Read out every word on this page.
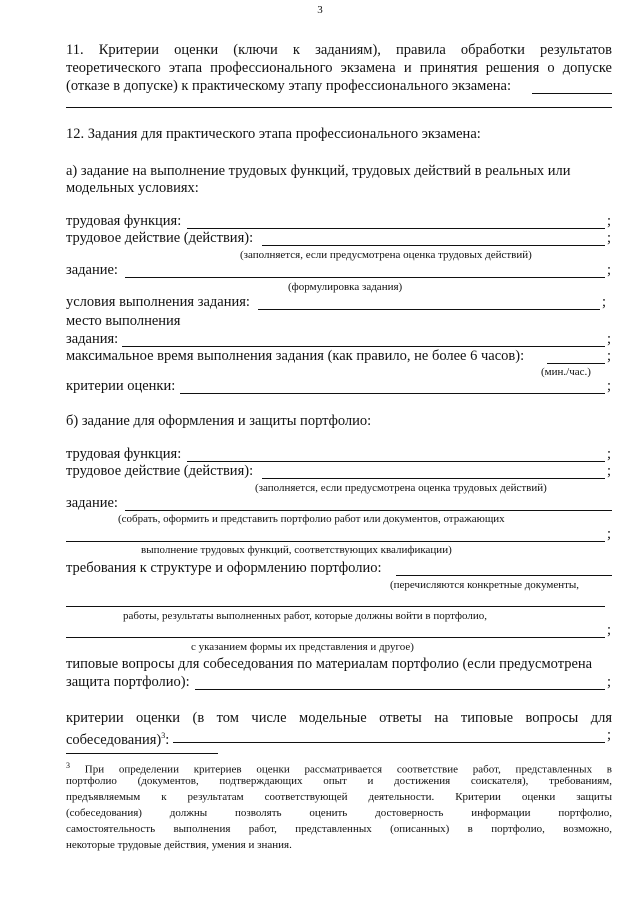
3
11. Критерии оценки (ключи к заданиям), правила обработки результатов
теоретического этапа профессионального экзамена и принятия решения о допуске
(отказе в допуске) к практическому этапу профессионального экзамена:
12. Задания для практического этапа профессионального экзамена:
а) задание на выполнение трудовых функций, трудовых действий в реальных или
модельных условиях:
трудовая функция:	;
трудовое действие (действия):	;
(заполняется, если предусмотрена оценка трудовых действий)
задание:	;
(формулировка задания)
условия выполнения задания:	;
место выполнения
задания:	;
максимальное время выполнения задания (как правило, не более 6 часов):	;
(мин./час.)
критерии оценки:	;
б) задание для оформления и защиты портфолио:
трудовая функция:	;
трудовое действие (действия):	;
(заполняется, если предусмотрена оценка трудовых действий)
задание:
(собрать, оформить и представить портфолио работ или документов, отражающих
;
выполнение трудовых функций, соответствующих квалификации)
требования к структуре и оформлению портфолио:
(перечисляются конкретные документы,
работы, результаты выполненных работ, которые должны войти в портфолио,
;
с указанием формы их представления и другое)
типовые вопросы для собеседования по материалам портфолио (если предусмотрена
защита портфолио):	;
критерии оценки (в том числе модельные ответы на типовые вопросы для
собеседования)$^3$:	;
$^3$ При определении критериев оценки рассматривается соответствие работ, представленных в
портфолио (документов, подтверждающих опыт и достижения соискателя), требованиям,
предъявляемым к результатам соответствующей деятельности. Критерии оценки защиты
(собеседования) должны позволять оценить достоверность информации портфолио,
самостоятельность выполнения работ, представленных (описанных) в портфолио, возможно,
некоторые трудовые действия, умения и знания.
